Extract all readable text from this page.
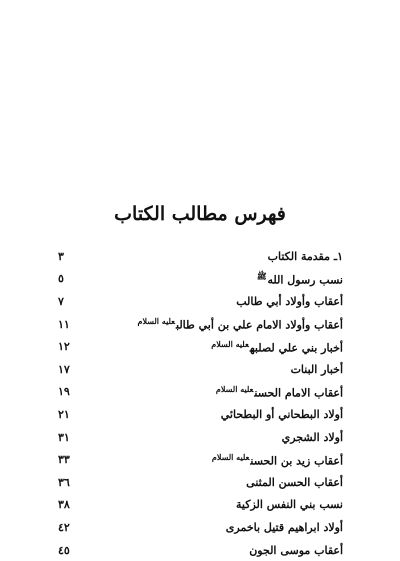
فهرس مطالب الكتاب
١ـ مقدمة الكتاب
٣
نسب رسول الله$^ﷺ$
٥
أعقاب وأولاد أبي طالب
٧
أعقاب وأولاد الامام علي بن أبي طالب$^{عليه السلام}$
١١
أخبار بني علي لصلبه$^{عليه السلام}$
١٢
أخبار البنات
١٧
أعقاب الامام الحسن$^{عليه السلام}$
١٩
أولاد البطحاني أو البطحائي
٢١
أولاد الشجري
٣١
أعقاب زيد بن الحسن$^{عليه السلام}$
٣٣
أعقاب الحسن المثنى
٣٦
نسب بني النفس الزكية
٣٨
أولاد ابراهيم قتيل باخمرى
٤٢
أعقاب موسى الجون
٤٥
